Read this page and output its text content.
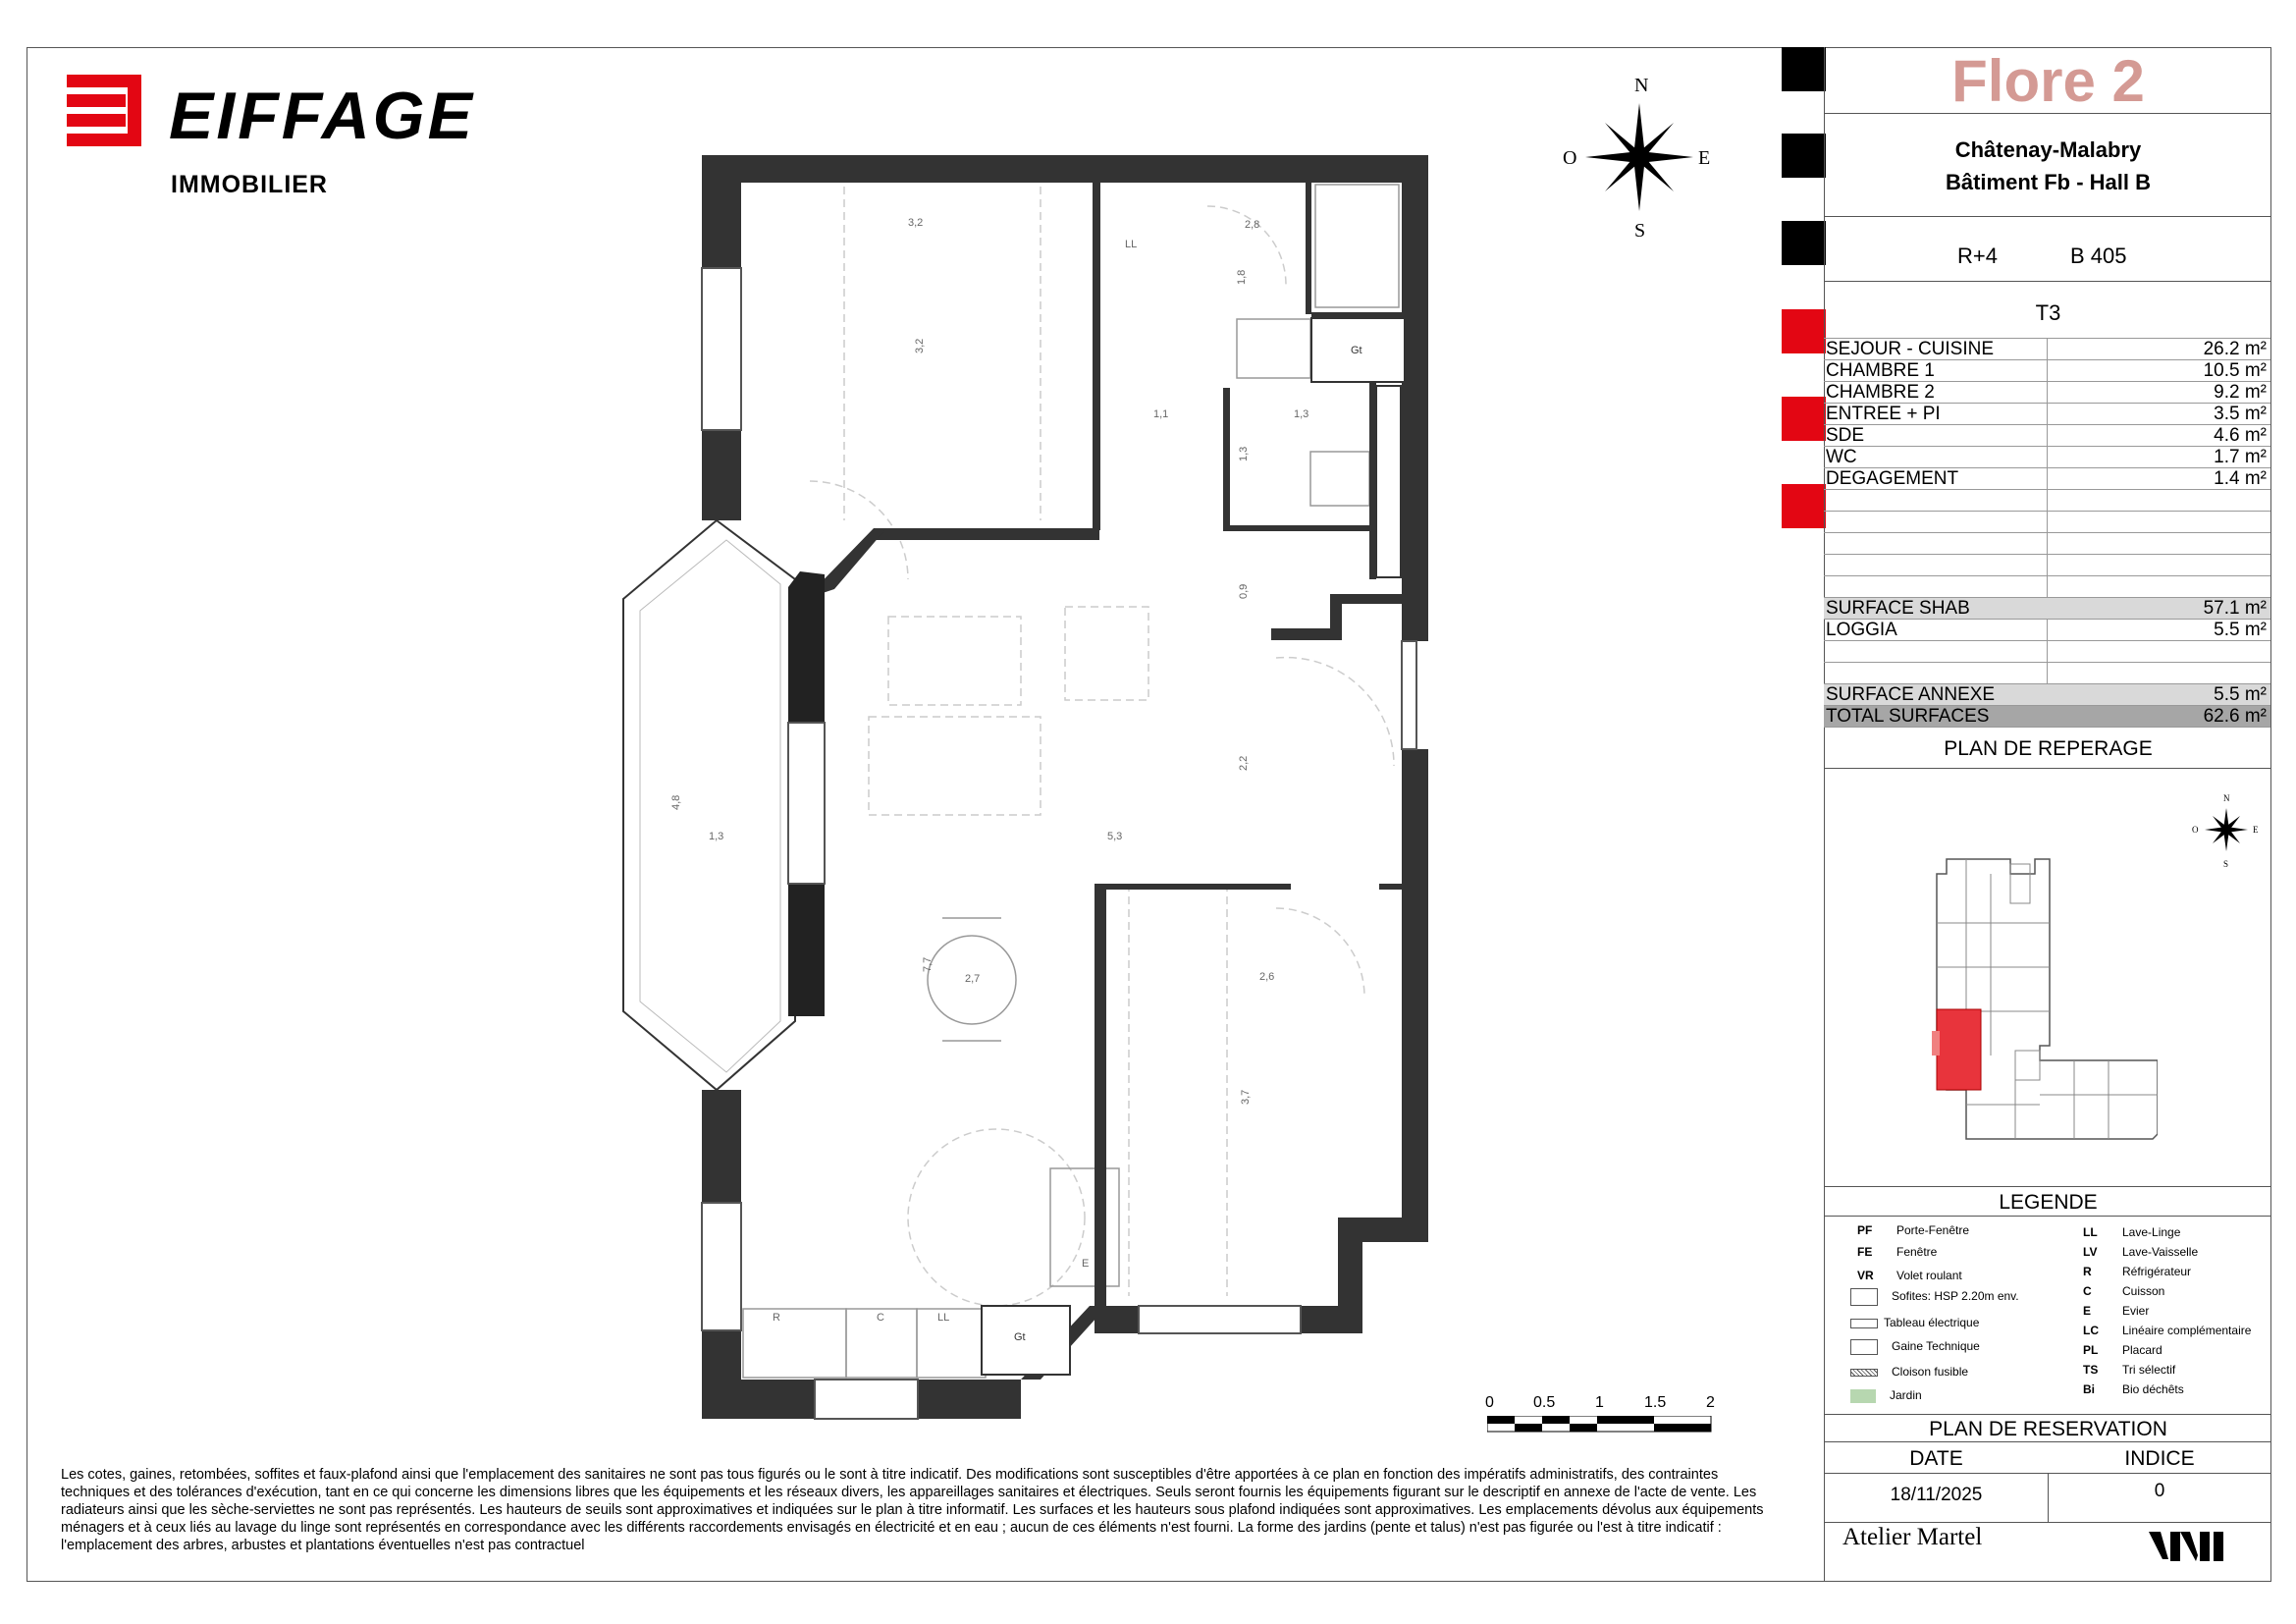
EIFFAGE
IMMOBILIER
3,2
3,2
2,8
1,8
1,1	1,3
1,3
0,9
2,2
5,3
4,8
1,3
7,7
2,7	2,6
3,7
Gt
Gt
LL
LL
R	C
E
N
S
E
O
0	0.5	1	1.5	2
Les cotes, gaines, retombées, soffites et faux-plafond ainsi que l'emplacement des sanitaires ne sont pas tous figurés ou le sont à titre indicatif. Des modifications sont susceptibles d'être apportées à ce plan en fonction des impératifs administratifs, des contraintes techniques et des tolérances d'exécution, tant en ce qui concerne les dimensions libres que les équipements et les réseaux divers, les appareillages sanitaires et électriques. Seuls seront fournis les équipements figurant sur le descriptif en annexe de l'acte de vente. Les radiateurs ainsi que les sèche-serviettes ne sont pas représentés. Les hauteurs de seuils sont approximatives et indiquées sur le plan à titre informatif. Les surfaces et les hauteurs sous plafond indiquées sont approximatives. Les emplacements dévolus aux équipements ménagers et à ceux liés au lavage du linge sont représentés en correspondance avec les différents raccordements envisagés en électricité et en eau ; aucun de ces éléments n'est fourni. La forme des jardins (pente et talus) n'est pas figurée ou l'est à titre indicatif : l'emplacement des arbres, arbustes et plantations éventuelles n'est pas contractuel
Flore 2
Châtenay-Malabry
Bâtiment Fb - Hall B
R+4	B 405
T3
PLAN DE REPERAGE
LEGENDE
PLAN DE RESERVATION
DATE	INDICE
18/11/2025	0
Atelier Martel
SEJOUR - CUISINE	26.2 m²
CHAMBRE 1	10.5 m²
CHAMBRE 2	9.2 m²
ENTREE + PI	3.5 m²
SDE	4.6 m²
WC	1.7 m²
DEGAGEMENT	1.4 m²
SURFACE SHAB	57.1 m²
LOGGIA	5.5 m²
SURFACE ANNEXE	5.5 m²
TOTAL SURFACES	62.6 m²
N
S
E
O
PF Porte-Fenêtre
FE Fenêtre
VR Volet roulant
Sofites: HSP 2.20m env.
Tableau électrique
Gaine Technique
Cloison fusible
Jardin
LL Lave-Linge
LV Lave-Vaisselle
R	Réfrigérateur
C	Cuisson
E	Evier
LC Linéaire complémentaire
PL Placard
TS Tri sélectif
Bi Bio déchêts
